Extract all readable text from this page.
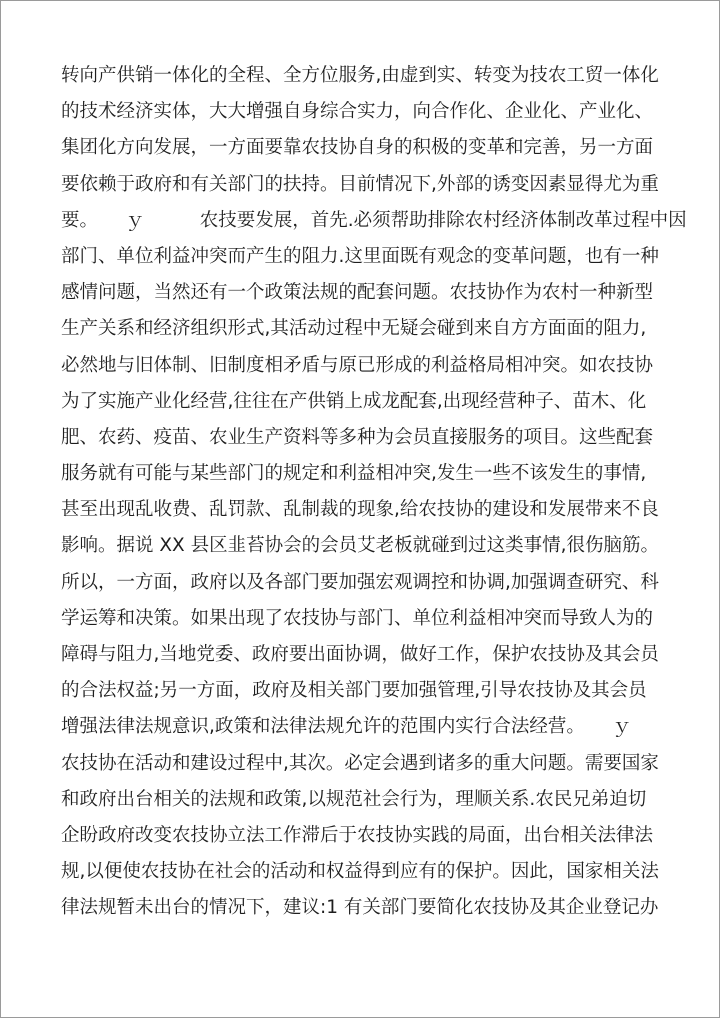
转向产供销一体化的全程、全方位服务,由虚到实、转变为技农工贸一体化
的技术经济实体，大大增强自身综合实力，向合作化、企业化、产业化、
集团化方向发展，一方面要靠农技协自身的积极的变革和完善，另一方面
要依赖于政府和有关部门的扶持。目前情况下,外部的诱变因素显得尤为重
要。　　ｙ　　　农技要发展，首先.必须帮助排除农村经济体制改革过程中因
部门、单位利益冲突而产生的阻力.这里面既有观念的变革问题，也有一种
感情问题，当然还有一个政策法规的配套问题。农技协作为农村一种新型
生产关系和经济组织形式,其活动过程中无疑会碰到来自方方面面的阻力,
必然地与旧体制、旧制度相矛盾与原已形成的利益格局相冲突。如农技协
为了实施产业化经营,往往在产供销上成龙配套,出现经营种子、苗木、化
肥、农药、疫苗、农业生产资料等多种为会员直接服务的项目。这些配套
服务就有可能与某些部门的规定和利益相冲突,发生一些不该发生的事情,
甚至出现乱收费、乱罚款、乱制裁的现象,给农技协的建设和发展带来不良
影响。据说 XX 县区韭苔协会的会员艾老板就碰到过这类事情,很伤脑筋。
所以，一方面，政府以及各部门要加强宏观调控和协调,加强调查研究、科
学运筹和决策。如果出现了农技协与部门、单位利益相冲突而导致人为的
障碍与阻力,当地党委、政府要出面协调，做好工作，保护农技协及其会员
的合法权益;另一方面，政府及相关部门要加强管理,引导农技协及其会员
增强法律法规意识,政策和法律法规允许的范围内实行合法经营。　　ｙ
农技协在活动和建设过程中,其次。必定会遇到诸多的重大问题。需要国家
和政府出台相关的法规和政策,以规范社会行为，理顺关系.农民兄弟迫切
企盼政府改变农技协立法工作滞后于农技协实践的局面，出台相关法律法
规,以便使农技协在社会的活动和权益得到应有的保护。因此，国家相关法
律法规暂未出台的情况下，建议:1 有关部门要简化农技协及其企业登记办
